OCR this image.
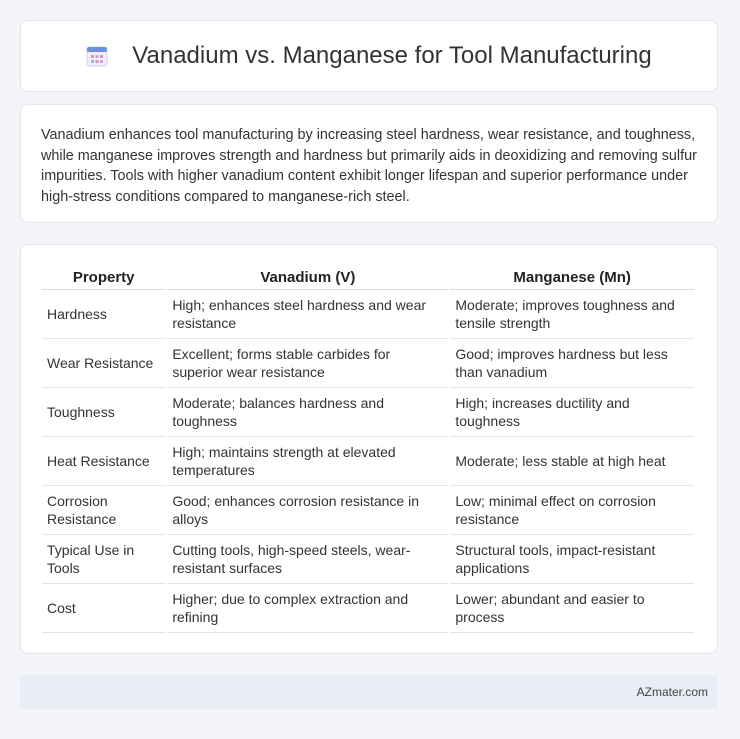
Vanadium vs. Manganese for Tool Manufacturing

Vanadium enhances tool manufacturing by increasing steel hardness, wear resistance, and toughness, while manganese improves strength and hardness but primarily aids in deoxidizing and removing sulfur impurities. Tools with higher vanadium content exhibit longer lifespan and superior performance under high-stress conditions compared to manganese-rich steel.

Property	Vanadium (V)	Manganese (Mn)
Hardness	High; enhances steel hardness and wear resistance	Moderate; improves toughness and tensile strength
Wear Resistance	Excellent; forms stable carbides for superior wear resistance	Good; improves hardness but less than vanadium
Toughness	Moderate; balances hardness and toughness	High; increases ductility and toughness
Heat Resistance	High; maintains strength at elevated temperatures	Moderate; less stable at high heat
Corrosion Resistance	Good; enhances corrosion resistance in alloys	Low; minimal effect on corrosion resistance
Typical Use in Tools	Cutting tools, high-speed steels, wear-resistant surfaces	Structural tools, impact-resistant applications
Cost	Higher; due to complex extraction and refining	Lower; abundant and easier to process
AZmater.com
